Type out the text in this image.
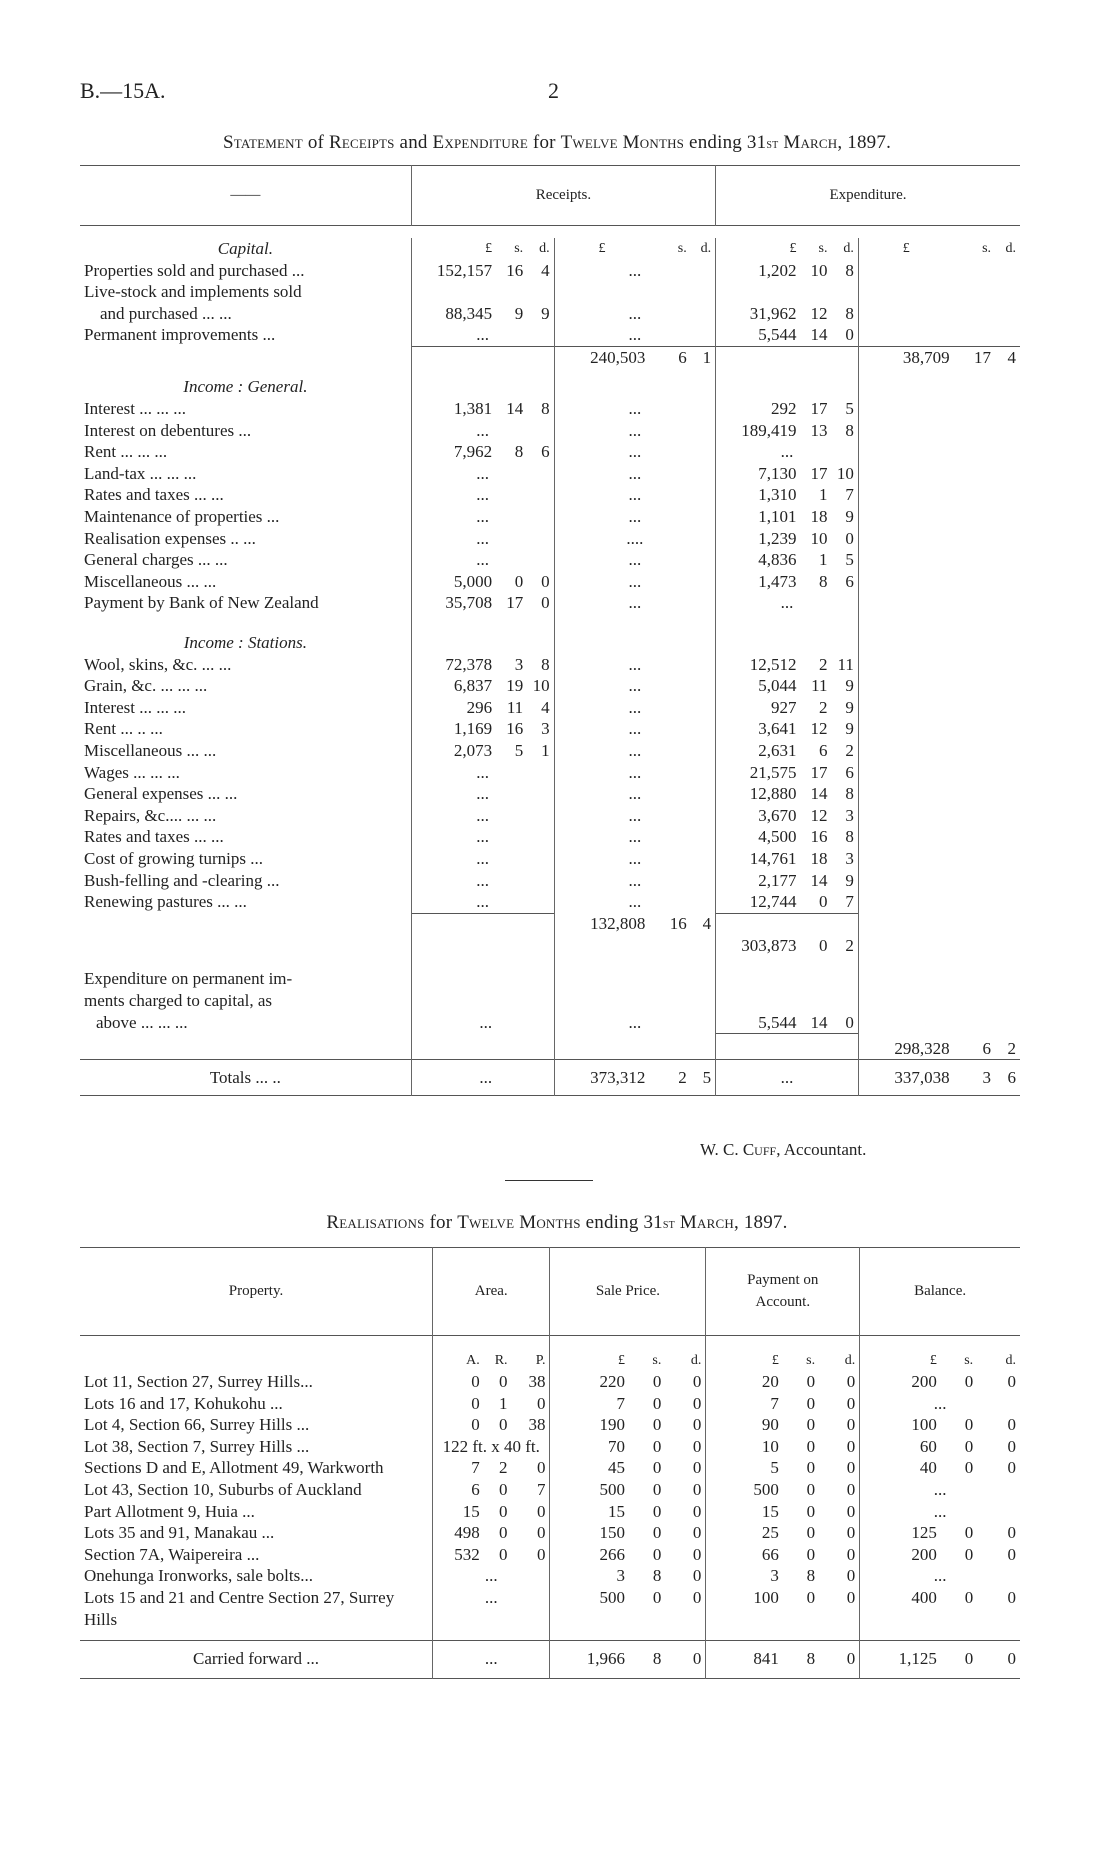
B.—15A.	2
Statement of Receipts and Expenditure for Twelve Months ending 31st March, 1897.
——	Receipts.						Expenditure.					

Capital.	£	s.	d.	£	s.	d.	£	s.	d.	£	s.	d.
Properties sold and purchased ...	152,157	16	4	...			1,202	10	8			
Live-stock and implements sold												
and purchased ... ...	88,345	9	9	...			31,962	12	8			
Permanent improvements ...	...			...			5,544	14	0			
				240,503	6	1				38,709	17	4
Income : General.												
Interest ... ... ...	1,381	14	8	...			292	17	5			
Interest on debentures ...	...			...			189,419	13	8			
Rent ... ... ...	7,962	8	6	...			...					
Land-tax ... ... ...	...			...			7,130	17	10			
Rates and taxes ... ...	...			...			1,310	1	7			
Maintenance of properties ...	...			...			1,101	18	9			
Realisation expenses .. ...	...			....			1,239	10	0			
General charges ... ...	...			...			4,836	1	5			
Miscellaneous ... ...	5,000	0	0	...			1,473	8	6			
Payment by Bank of New Zealand	35,708	17	0	...			...					

Income : Stations.												
Wool, skins, &c. ... ...	72,378	3	8	...			12,512	2	11			
Grain, &c. ... ... ...	6,837	19	10	...			5,044	11	9			
Interest ... ... ...	296	11	4	...			927	2	9			
Rent ... .. ...	1,169	16	3	...			3,641	12	9			
Miscellaneous ... ...	2,073	5	1	...			2,631	6	2			
Wages ... ... ...	...			...			21,575	17	6			
General expenses ... ...	...			...			12,880	14	8			
Repairs, &c.... ... ...	...			...			3,670	12	3			
Rates and taxes ... ...	...			...			4,500	16	8			
Cost of growing turnips ...	...			...			14,761	18	3			
Bush-felling and -clearing ...	...			...			2,177	14	9			
Renewing pastures ... ...	...			...			12,744	0	7			
				132,808	16	4						
							303,873	0	2			

Expenditure on permanent im-												
ments charged to capital, as												
above ... ... ...	...			...			5,544	14	0			
										298,328	6	2
Totals ... ..	...			373,312	2	5	...			337,038	3	6
W. C. Cuff, Accountant.
Realisations for Twelve Months ending 31st March, 1897.
Property.	Area.			Sale Price.			Payment on Account.			Balance.		

	A.	R.	P.	£	s.	d.	£	s.	d.	£	s.	d.
Lot 11, Section 27, Surrey Hills...	0	0	38	220	0	0	20	0	0	200	0	0
Lots 16 and 17, Kohukohu ...	0	1	0	7	0	0	7	0	0	...		
Lot 4, Section 66, Surrey Hills ...	0	0	38	190	0	0	90	0	0	100	0	0
Lot 38, Section 7, Surrey Hills ...	122 ft. x 40 ft.			70	0	0	10	0	0	60	0	0
Sections D and E, Allotment 49, Warkworth	7	2	0	45	0	0	5	0	0	40	0	0
Lot 43, Section 10, Suburbs of Auckland	6	0	7	500	0	0	500	0	0	...		
Part Allotment 9, Huia ...	15	0	0	15	0	0	15	0	0	...		
Lots 35 and 91, Manakau ...	498	0	0	150	0	0	25	0	0	125	0	0
Section 7A, Waipereira ...	532	0	0	266	0	0	66	0	0	200	0	0
Onehunga Ironworks, sale bolts...	...			3	8	0	3	8	0	...		
Lots 15 and 21 and Centre Section 27, Surrey Hills	...			500	0	0	100	0	0	400	0	0

Carried forward ...	...			1,966	8	0	841	8	0	1,125	0	0
